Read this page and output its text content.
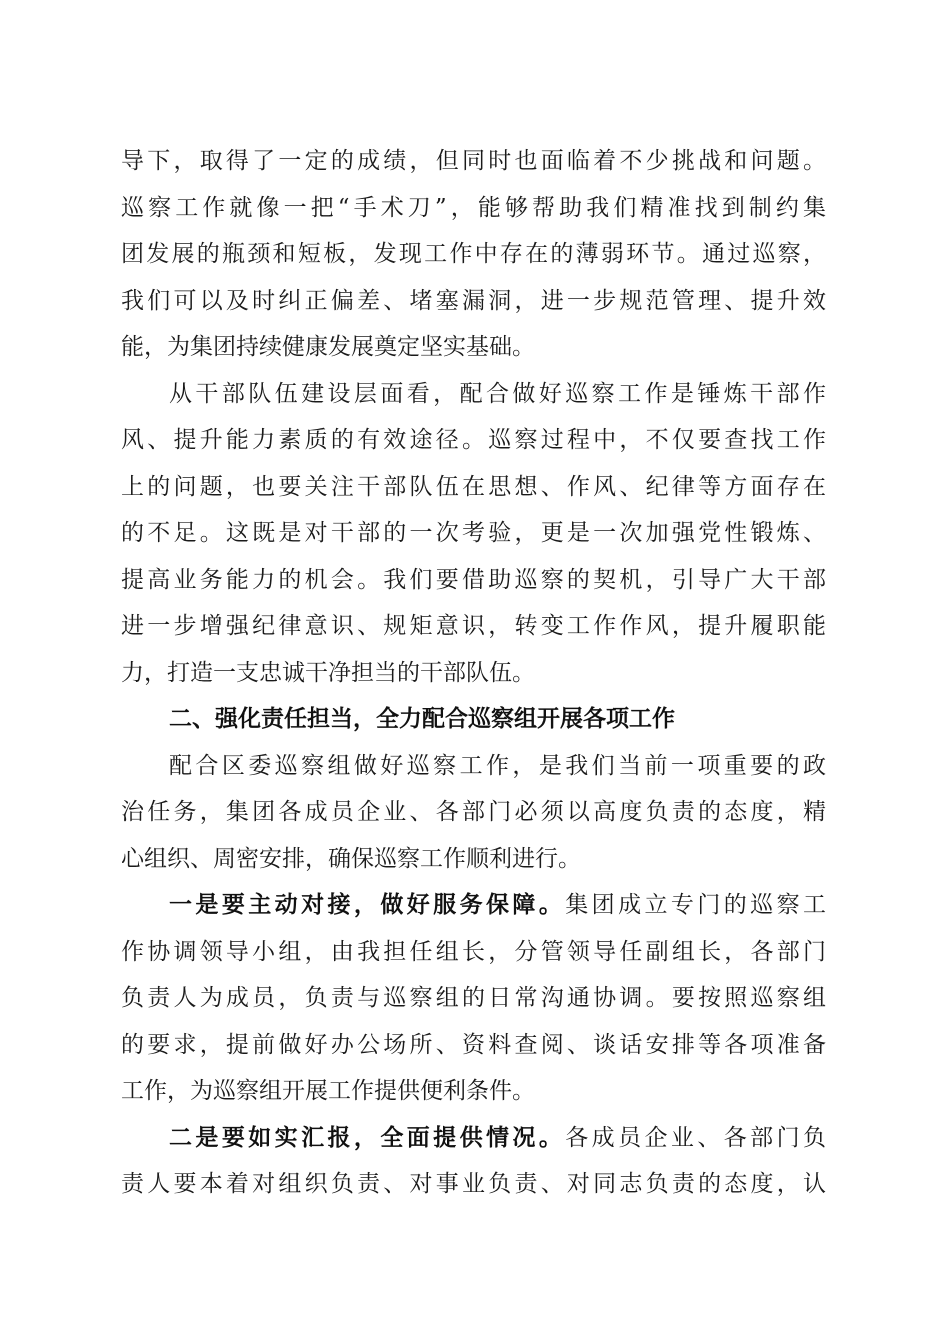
导下，取得了一定的成绩，但同时也面临着不少挑战和问题。
巡察工作就像一把“手术刀”，能够帮助我们精准找到制约集
团发展的瓶颈和短板，发现工作中存在的薄弱环节。通过巡察，
我们可以及时纠正偏差、堵塞漏洞，进一步规范管理、提升效
能，为集团持续健康发展奠定坚实基础。
从干部队伍建设层面看，配合做好巡察工作是锤炼干部作
风、提升能力素质的有效途径。巡察过程中，不仅要查找工作
上的问题，也要关注干部队伍在思想、作风、纪律等方面存在
的不足。这既是对干部的一次考验，更是一次加强党性锻炼、
提高业务能力的机会。我们要借助巡察的契机，引导广大干部
进一步增强纪律意识、规矩意识，转变工作作风，提升履职能
力，打造一支忠诚干净担当的干部队伍。
二、强化责任担当，全力配合巡察组开展各项工作
配合区委巡察组做好巡察工作，是我们当前一项重要的政
治任务，集团各成员企业、各部门必须以高度负责的态度，精
心组织、周密安排，确保巡察工作顺利进行。
一是要主动对接，做好服务保障。集团成立专门的巡察工
作协调领导小组，由我担任组长，分管领导任副组长，各部门
负责人为成员，负责与巡察组的日常沟通协调。要按照巡察组
的要求，提前做好办公场所、资料查阅、谈话安排等各项准备
工作，为巡察组开展工作提供便利条件。
二是要如实汇报，全面提供情况。各成员企业、各部门负
责人要本着对组织负责、对事业负责、对同志负责的态度，认
